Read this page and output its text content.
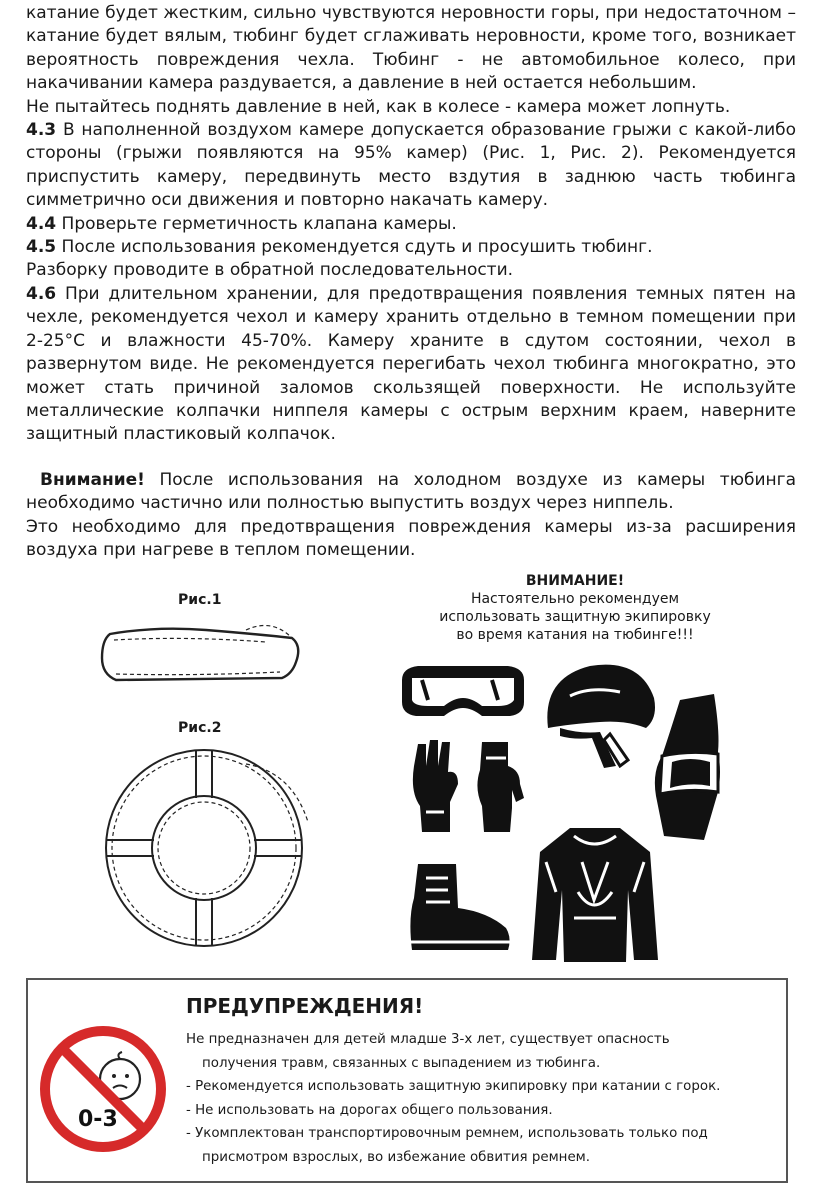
катание будет жестким, сильно чувствуются неровности горы, при недостаточном – катание будет вялым, тюбинг будет сглаживать неровности, кроме того, возникает вероятность повреждения чехла. Тюбинг - не автомобильное колесо, при накачивании камера раздувается, а давление в ней остается небольшим.

Не пытайтесь поднять давление в ней, как в колесе - камера может лопнуть.

4.3 В наполненной воздухом камере допускается образование грыжи с какой-либо стороны (грыжи появляются на 95% камер) (Рис. 1, Рис. 2). Рекомендуется приспустить камеру, передвинуть место вздутия в заднюю часть тюбинга симметрично оси движения и повторно накачать камеру.

4.4 Проверьте герметичность клапана камеры.

4.5 После использования рекомендуется сдуть и просушить тюбинг.

Разборку проводите в обратной последовательности.

4.6 При длительном хранении, для предотвращения появления темных пятен на чехле, рекомендуется чехол и камеру хранить отдельно в темном помещении при 2-25°С и влажности 45-70%. Камеру храните в сдутом состоянии, чехол в развернутом виде. Не рекомендуется перегибать чехол тюбинга многократно, это может стать причиной заломов скользящей поверхности. Не используйте металлические колпачки ниппеля камеры с острым верхним краем, наверните защитный пластиковый колпачок.

Внимание! После использования на холодном воздухе из камеры тюбинга необходимо частично или полностью выпустить воздух через ниппель.

Это необходимо для предотвращения повреждения камеры из-за расширения воздуха при нагреве в теплом помещении.

Рис.1
Рис.2
ВНИМАНИЕ!
Настоятельно рекомендуем
использовать защитную экипировку
во время катания на тюбинге!!!
0-3
ПРЕДУПРЕЖДЕНИЯ!

Не предназначен для детей младше 3-х лет, существует опасность

получения травм, связанных с выпадением из тюбинга.

- Рекомендуется использовать защитную экипировку при катании с горок.

- Не использовать на дорогах общего пользования.

- Укомплектован транспортировочным ремнем, использовать только под

присмотром взрослых, во избежание обвития ремнем.
